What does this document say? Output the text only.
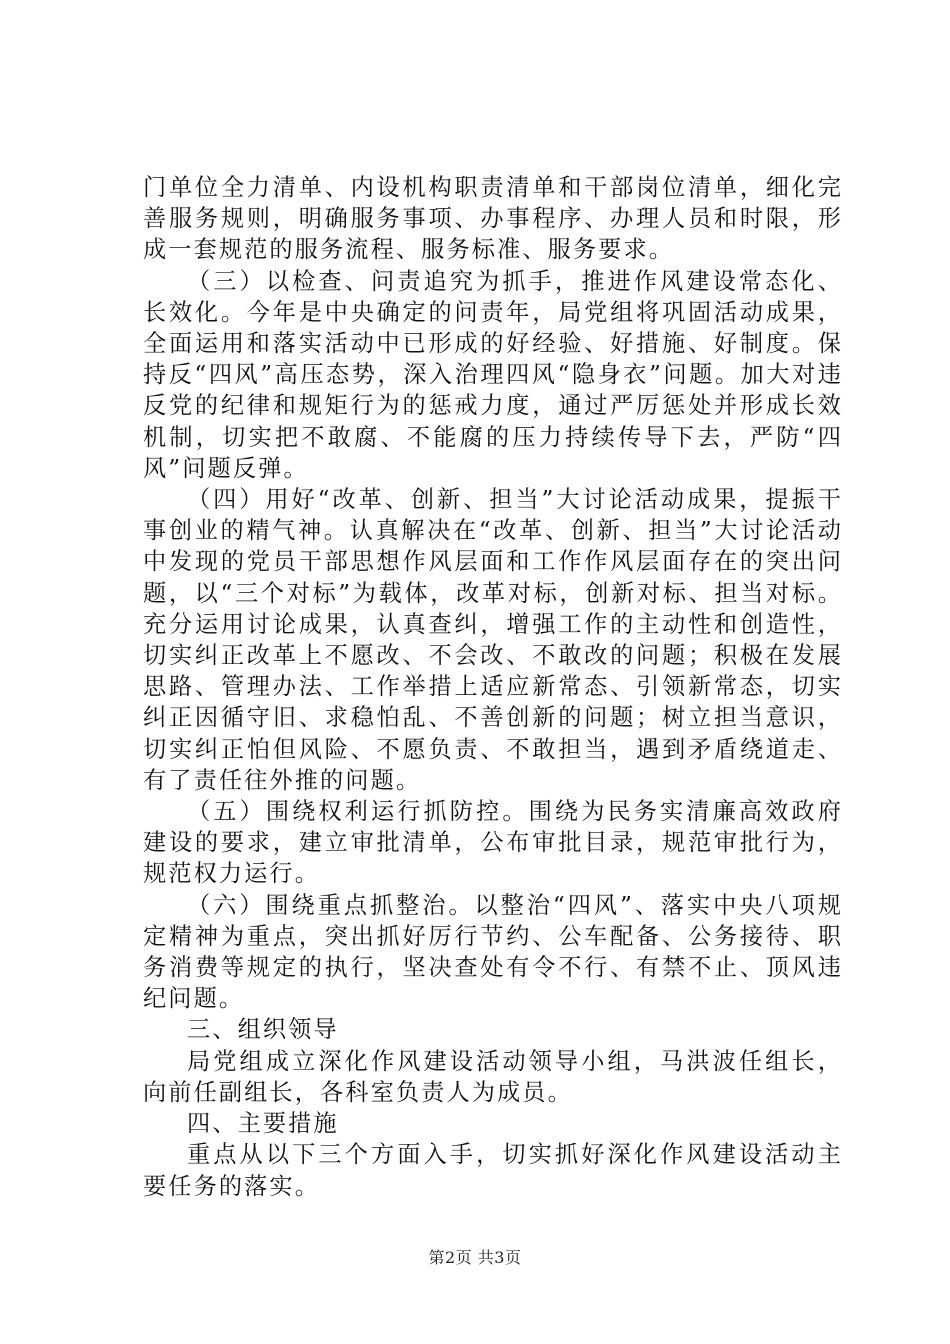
门单位全力清单、内设机构职责清单和干部岗位清单，细化完善服务规则，明确服务事项、办事程序、办理人员和时限，形成一套规范的服务流程、服务标准、服务要求。

（三）以检查、问责追究为抓手，推进作风建设常态化、长效化。今年是中央确定的问责年，局党组将巩固活动成果，全面运用和落实活动中已形成的好经验、好措施、好制度。保持反“四风”高压态势，深入治理四风“隐身衣”问题。加大对违反党的纪律和规矩行为的惩戒力度，通过严厉惩处并形成长效机制，切实把不敢腐、不能腐的压力持续传导下去，严防“四风”问题反弹。

（四）用好“改革、创新、担当”大讨论活动成果，提振干事创业的精气神。认真解决在“改革、创新、担当”大讨论活动中发现的党员干部思想作风层面和工作作风层面存在的突出问题，以“三个对标”为载体，改革对标，创新对标、担当对标。充分运用讨论成果，认真查纠，增强工作的主动性和创造性，切实纠正改革上不愿改、不会改、不敢改的问题；积极在发展思路、管理办法、工作举措上适应新常态、引领新常态，切实纠正因循守旧、求稳怕乱、不善创新的问题；树立担当意识，切实纠正怕但风险、不愿负责、不敢担当，遇到矛盾绕道走、有了责任往外推的问题。

（五）围绕权利运行抓防控。围绕为民务实清廉高效政府建设的要求，建立审批清单，公布审批目录，规范审批行为，规范权力运行。

（六）围绕重点抓整治。以整治“四风”、落实中央八项规定精神为重点，突出抓好厉行节约、公车配备、公务接待、职务消费等规定的执行，坚决查处有令不行、有禁不止、顶风违纪问题。

三、组织领导

局党组成立深化作风建设活动领导小组，马洪波任组长，向前任副组长，各科室负责人为成员。

四、主要措施

重点从以下三个方面入手，切实抓好深化作风建设活动主要任务的落实。

第2页 共3页
